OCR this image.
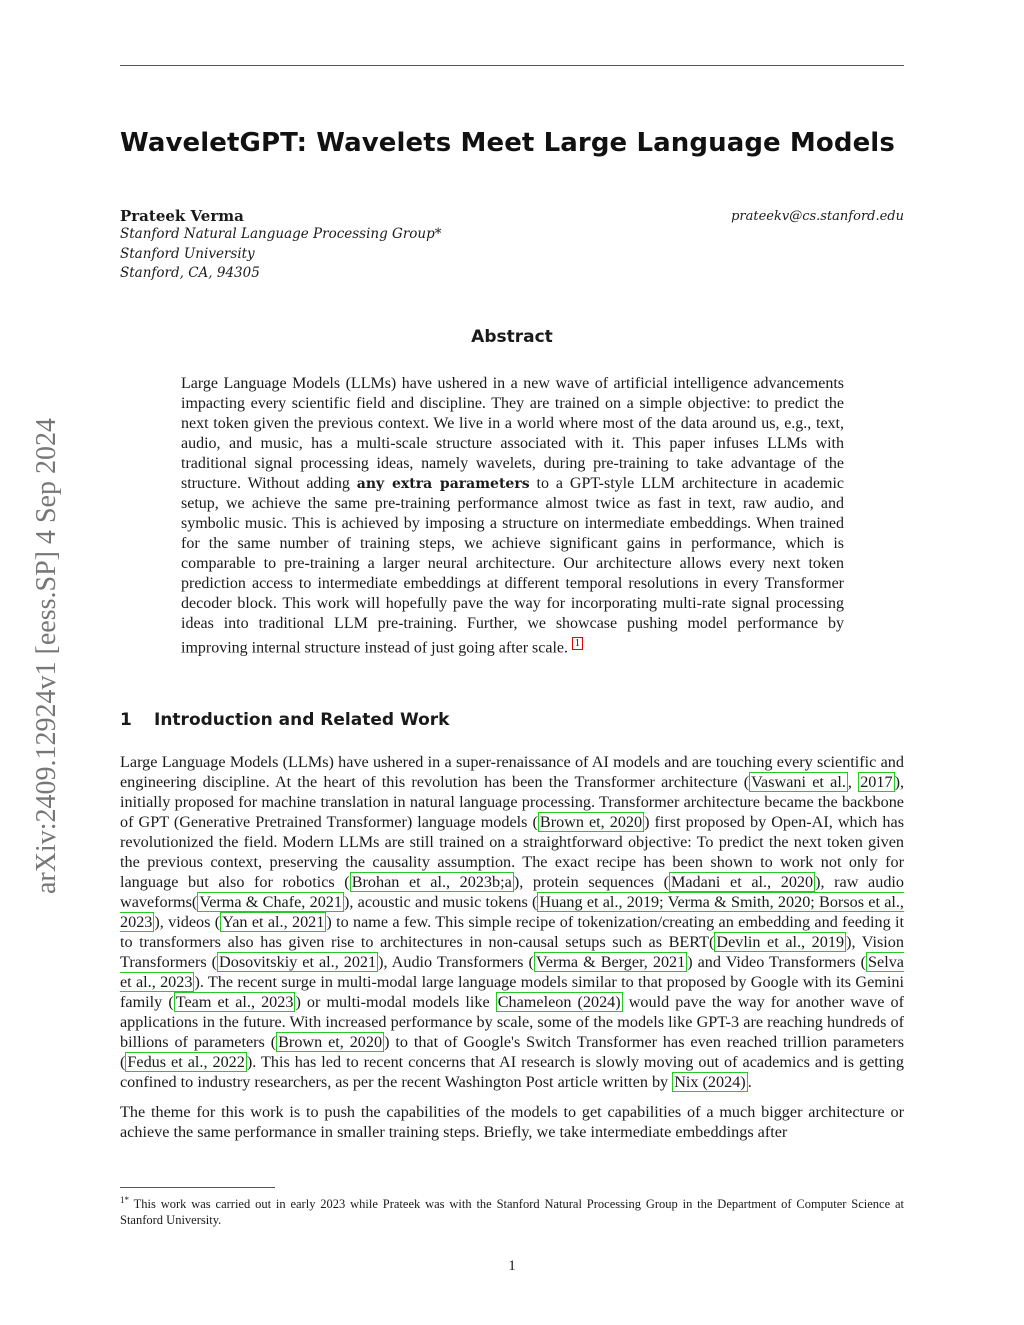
arXiv:2409.12924v1 [eess.SP] 4 Sep 2024
WaveletGPT: Wavelets Meet Large Language Models
Prateek Verma	prateekv@cs.stanford.edu
Stanford Natural Language Processing Group*
Stanford University
Stanford, CA, 94305
Abstract
Large Language Models (LLMs) have ushered in a new wave of artificial intelligence advancements impacting every scientific field and discipline. They are trained on a simple objective: to predict the next token given the previous context. We live in a world where most of the data around us, e.g., text, audio, and music, has a multi-scale structure associated with it. This paper infuses LLMs with traditional signal processing ideas, namely wavelets, during pre-training to take advantage of the structure. Without adding any extra parameters to a GPT-style LLM architecture in academic setup, we achieve the same pre-training performance almost twice as fast in text, raw audio, and symbolic music. This is achieved by imposing a structure on intermediate embeddings. When trained for the same number of training steps, we achieve significant gains in performance, which is comparable to pre-training a larger neural architecture. Our architecture allows every next token prediction access to intermediate embeddings at different temporal resolutions in every Transformer decoder block. This work will hopefully pave the way for incorporating multi-rate signal processing ideas into traditional LLM pre-training. Further, we showcase pushing model performance by improving internal structure instead of just going after scale. $^1$
1 Introduction and Related Work

Large Language Models (LLMs) have ushered in a super-renaissance of AI models and are touching every scientific and engineering discipline. At the heart of this revolution has been the Transformer architecture ( Vaswani et al. , 2017 ), initially proposed for machine translation in natural language processing. Transformer architecture became the backbone of GPT (Generative Pretrained Transformer) language models ( Brown et, 2020 ) first proposed by Open-AI, which has revolutionized the field. Modern LLMs are still trained on a straightforward objective: To predict the next token given the previous context, preserving the causality assumption. The exact recipe has been shown to work not only for language but also for robotics ( Brohan et al., 2023b;a ), protein sequences ( Madani et al., 2020 ), raw audio waveforms( Verma & Chafe, 2021 ), acoustic and music tokens ( Huang et al., 2019; Verma & Smith, 2020; Borsos et al., 2023 ), videos ( Yan et al., 2021 ) to name a few. This simple recipe of tokenization/creating an embedding and feeding it to transformers also has given rise to architectures in non-causal setups such as BERT( Devlin et al., 2019 ), Vision Transformers ( Dosovitskiy et al., 2021 ), Audio Transformers ( Verma & Berger, 2021 ) and Video Transformers ( Selva et al., 2023 ). The recent surge in multi-modal large language models similar to that proposed by Google with its Gemini family ( Team et al., 2023 ) or multi-modal models like Chameleon (2024) would pave the way for another wave of applications in the future. With increased performance by scale, some of the models like GPT-3 are reaching hundreds of billions of parameters ( Brown et, 2020 ) to that of Google's Switch Transformer has even reached trillion parameters ( Fedus et al., 2022 ). This has led to recent concerns that AI research is slowly moving out of academics and is getting confined to industry researchers, as per the recent Washington Post article written by Nix (2024) .

The theme for this work is to push the capabilities of the models to get capabilities of a much bigger architecture or achieve the same performance in smaller training steps. Briefly, we take intermediate embeddings after

$^{1*}$ This work was carried out in early 2023 while Prateek was with the Stanford Natural Processing Group in the Department of Computer Science at Stanford University.
1
